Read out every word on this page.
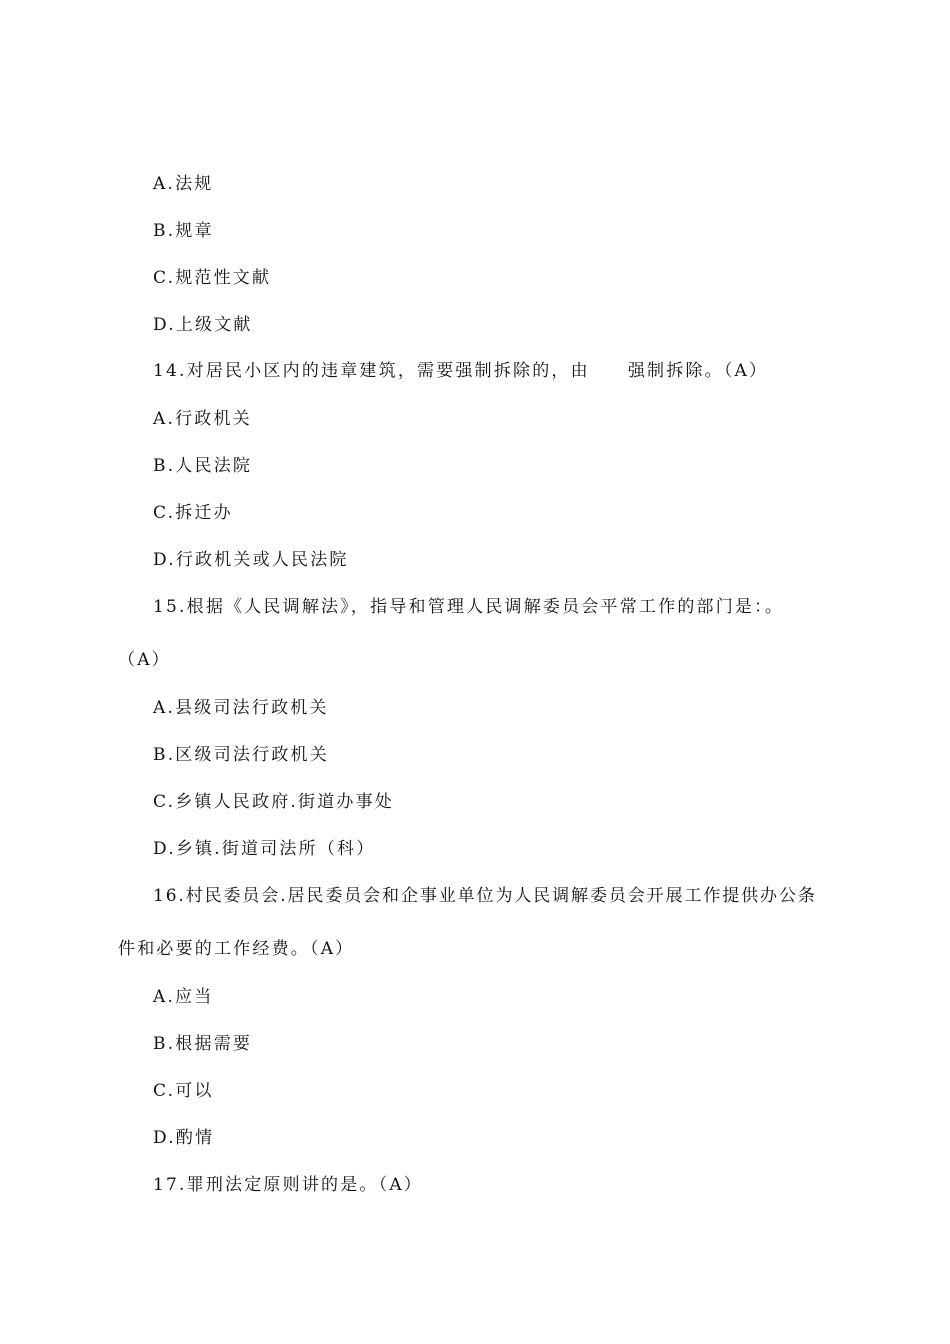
A.法规
B.规章
C.规范性文献
D.上级文献
14.对居民小区内的违章建筑，需要强制拆除的，由 强制拆除。（A）
A.行政机关
B.人民法院
C.拆迁办
D.行政机关或人民法院
15.根据《人民调解法》，指导和管理人民调解委员会平常工作的部门是：。
（A）
A.县级司法行政机关
B.区级司法行政机关
C.乡镇人民政府.街道办事处
D.乡镇.街道司法所（科）
16.村民委员会.居民委员会和企事业单位为人民调解委员会开展工作提供办公条
件和必要的工作经费。（A）
A.应当
B.根据需要
C.可以
D.酌情
17.罪刑法定原则讲的是。（A）
